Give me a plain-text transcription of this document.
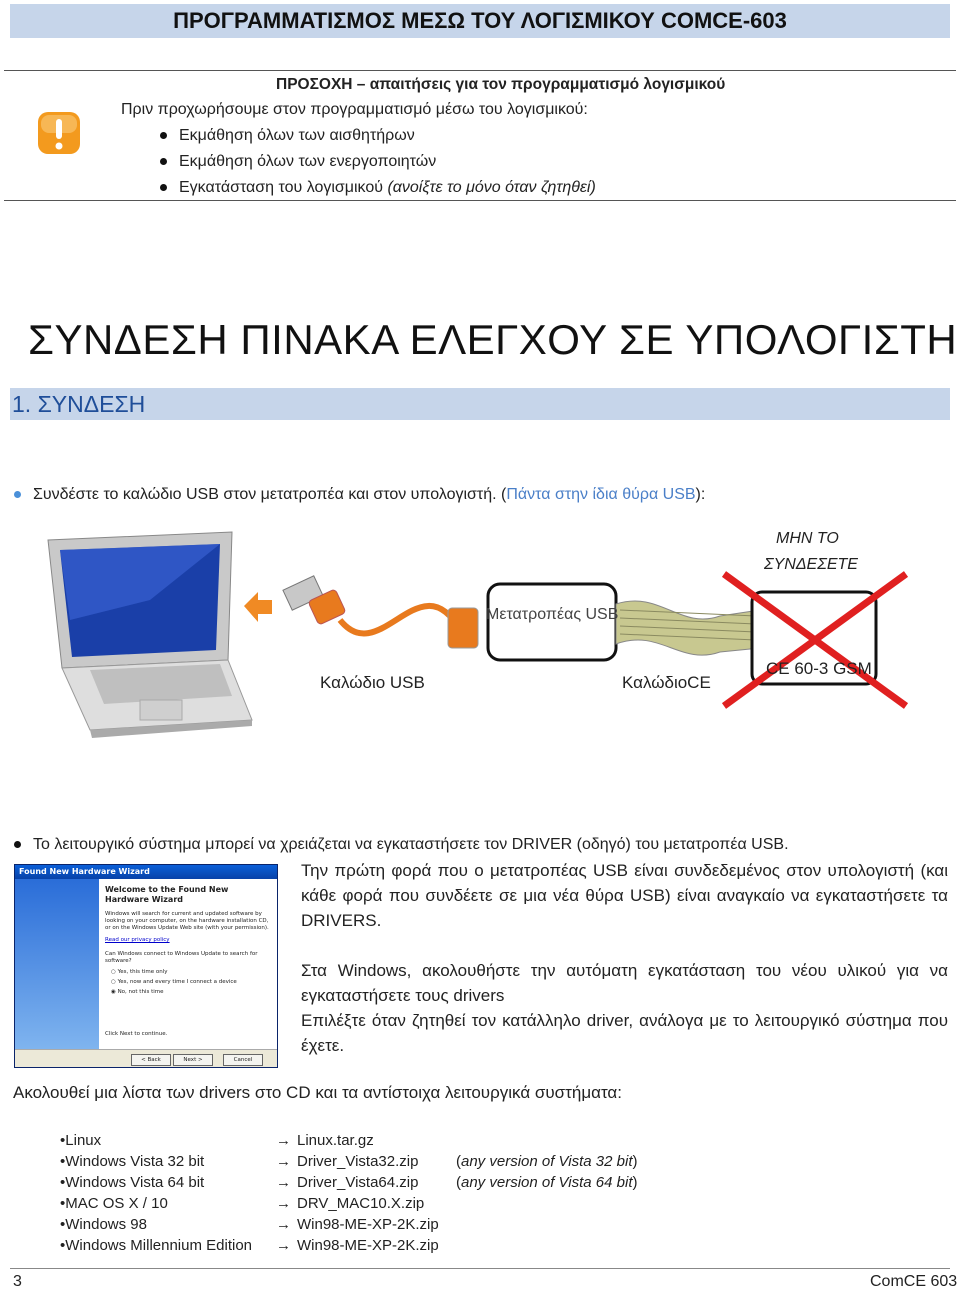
ΠΡΟΓΡΑΜΜΑΤΙΣΜΟΣ ΜΕΣΩ ΤΟΥ ΛΟΓΙΣΜΙΚΟΥ COMCE-603
ΠΡΟΣΟΧΗ – απαιτήσεις για τον προγραμματισμό λογισμικού
Πριν προχωρήσουμε στον προγραμματισμό μέσω του λογισμικού:
Εκμάθηση όλων των αισθητήρων
Εκμάθηση όλων των ενεργοποιητών
Εγκατάσταση του λογισμικού (ανοίξτε το μόνο όταν ζητηθεί)
ΣΥΝΔΕΣΗ ΠΙΝΑΚΑ ΕΛΕΓΧΟΥ ΣΕ ΥΠΟΛΟΓΙΣΤΗ
1. ΣΥΝΔΕΣΗ
Συνδέστε το καλώδιο USB στον μετατροπέα και στον υπολογιστή. (Πάντα στην ίδια θύρα USB):
ΜΗΝ ΤΟ
ΣΥΝΔΕΣΕΤΕ
Μετατροπέας USB
Καλώδιο USB	ΚαλώδιοCE
CE 60-3 GSM
Το λειτουργικό σύστημα μπορεί να χρειάζεται να εγκαταστήσετε τον DRIVER (οδηγό) του μετατροπέα USB.
Found New Hardware Wizard
Welcome to the Found New Hardware Wizard
Windows will search for current and updated software by looking on your computer, on the hardware installation CD, or on the Windows Update Web site (with your permission).
Read our privacy policy
Can Windows connect to Windows Update to search for software?
○ Yes, this time only
○ Yes, now and every time I connect a device
◉ No, not this time
Click Next to continue.
< Back	Next >	Cancel
Την πρώτη φορά που ο μετατροπέας USB είναι συνδεδεμένος στον υπολογιστή (και κάθε φορά που συνδέετε σε μια νέα θύρα USB) είναι αναγκαίο να εγκαταστήσετε τα DRIVERS.
Στα Windows, ακολουθήστε την αυτόματη εγκατάσταση του νέου υλικού για να εγκαταστήσετε τους drivers
Επιλέξτε όταν ζητηθεί τον κατάλληλο driver, ανάλογα με το λειτουργικό σύστημα που έχετε.
Ακολουθεί μια λίστα των drivers στο CD και τα αντίστοιχα λειτουργικά συστήματα:
•Linux	→ Linux.tar.gz	
•Windows Vista 32 bit	→ Driver_Vista32.zip	(any version of Vista 32 bit)
•Windows Vista 64 bit	→ Driver_Vista64.zip	(any version of Vista 64 bit)
•MAC OS X / 10	→ DRV_MAC10.X.zip	
•Windows 98	→ Win98-ME-XP-2K.zip	
•Windows Millennium Edition	→ Win98-ME-XP-2K.zip	
3	ComCE 603
